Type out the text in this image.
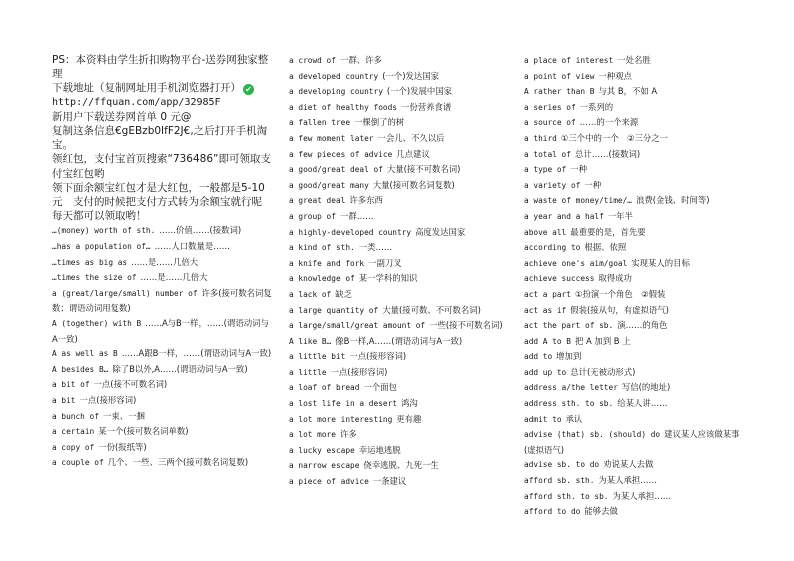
PS：本资料由学生折扣购物平台-送券网独家整理

下载地址（复制网址用手机浏览器打开） ✔

http://ffquan.com/app/32985F

新用户下载送券网首单 0 元@

复制这条信息€gEBzb0IfF2J€,之后打开手机淘宝。

领红包，支付宝首页搜索“736486”即可领取支付宝红包哟

领下面余额宝红包才是大红包，一般都是5-10元　支付的时候把支付方式转为余额宝就行呢　每天都可以领取哟！

…(money) worth of sth. ……价值……(接数词)

…has a population of… ……人口数量是……

…times as big as ……是……几倍大

…times the size of ……是……几倍大

a (great/large/small) number of 许多(接可数名词复数；谓语动词用复数)

A (together) with B ……A与B一样，……(谓语动词与A一致)

A as well as B ……A跟B一样，……(谓语动词与A一致)

A besides B… 除了B以外,A……(谓语动词与A一致)

a bit of 一点(接不可数名词)

a bit 一点(接形容词)

a bunch of 一束、一捆

a certain 某一个(接可数名词单数)

a copy of 一份(报纸等)

a couple of 几个、一些、三两个(接可数名词复数)

a crowd of 一群、许多

a developed country (一个)发达国家

a developing country (一个)发展中国家

a diet of healthy foods 一份营养食谱

a fallen tree 一棵倒了的树

a few moment later 一会儿、不久以后

a few pieces of advice 几点建议

a good/great deal of 大量(接不可数名词)

a good/great many 大量(接可数名词复数)

a great deal 许多东西

a group of 一群……

a highly-developed country 高度发达国家

a kind of sth. 一类……

a knife and fork 一副刀叉

a knowledge of 某一学科的知识

a lack of 缺乏

a large quantity of 大量(接可数、不可数名词)

a large/small/great amount of 一些(接不可数名词)

A like B… 像B一样,A……(谓语动词与A一致)

a little bit 一点(接形容词)

a little 一点(接形容词)

a loaf of bread 一个面包

a lost life in a desert 鸿沟

a lot more interesting 更有趣

a lot more 许多

a lucky escape 幸运地逃脱

a narrow escape 侥幸逃脱、九死一生

a piece of advice 一条建议

a place of interest 一处名胜

a point of view 一种观点

A rather than B 与其 B，不如 A

a series of 一系列的

a source of ……的一个来源

a third ①三个中的一个　②三分之一

a total of 总计……(接数词)

a type of 一种

a variety of 一种

a waste of money/time/… 浪费(金钱、时间等)

a year and a half 一年半

above all 最重要的是，首先要

according to 根据、依照

achieve one's aim/goal 实现某人的目标

achieve success 取得成功

act a part ①扮演一个角色　②假装

act as if 假装(接从句，有虚拟语气)

act the part of sb. 演……的角色

add A to B 把 A 加到 B 上

add to 增加到

add up to 总计(无被动形式)

address a/the letter 写信(的地址)

address sth. to sb. 给某人讲……

admit to 承认

advise (that) sb. (should) do 建议某人应该做某事(虚拟语气)

advise sb. to do 劝说某人去做

afford sb. sth. 为某人承担……

afford sth. to sb. 为某人承担……

afford to do 能够去做
